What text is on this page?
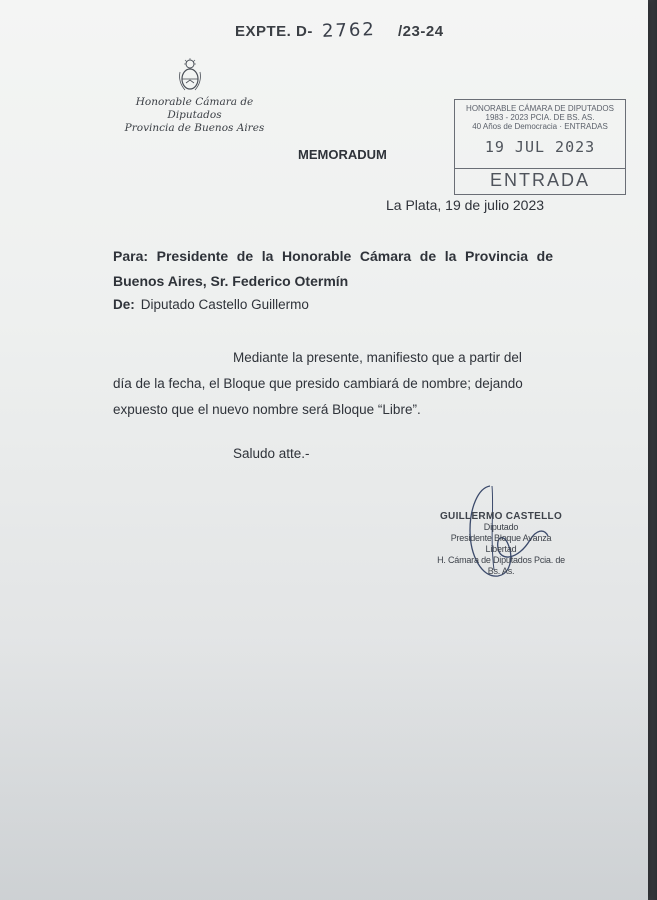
EXPTE. D- 2762 /23-24
Honorable Cámara de Diputados
Provincia de Buenos Aires
HONORABLE CÁMARA DE DIPUTADOS
1983 - 2023 PCIA. DE BS. AS.
40 Años de Democracia · ENTRADAS
19 JUL 2023
ENTRADA
MEMORADUM
La Plata, 19 de julio 2023
Para: Presidente de la Honorable Cámara de la Provincia de Buenos Aires, Sr. Federico Otermín
De: Diputado Castello Guillermo
Mediante la presente, manifiesto que a partir del
día de la fecha, el Bloque que presido cambiará de nombre; dejando
expuesto que el nuevo nombre será Bloque “Libre”.
Saludo atte.-
GUILLERMO CASTELLO
Diputado
Presidente Bloque Avanza Libertad
H. Cámara de Diputados Pcia. de Bs. As.
